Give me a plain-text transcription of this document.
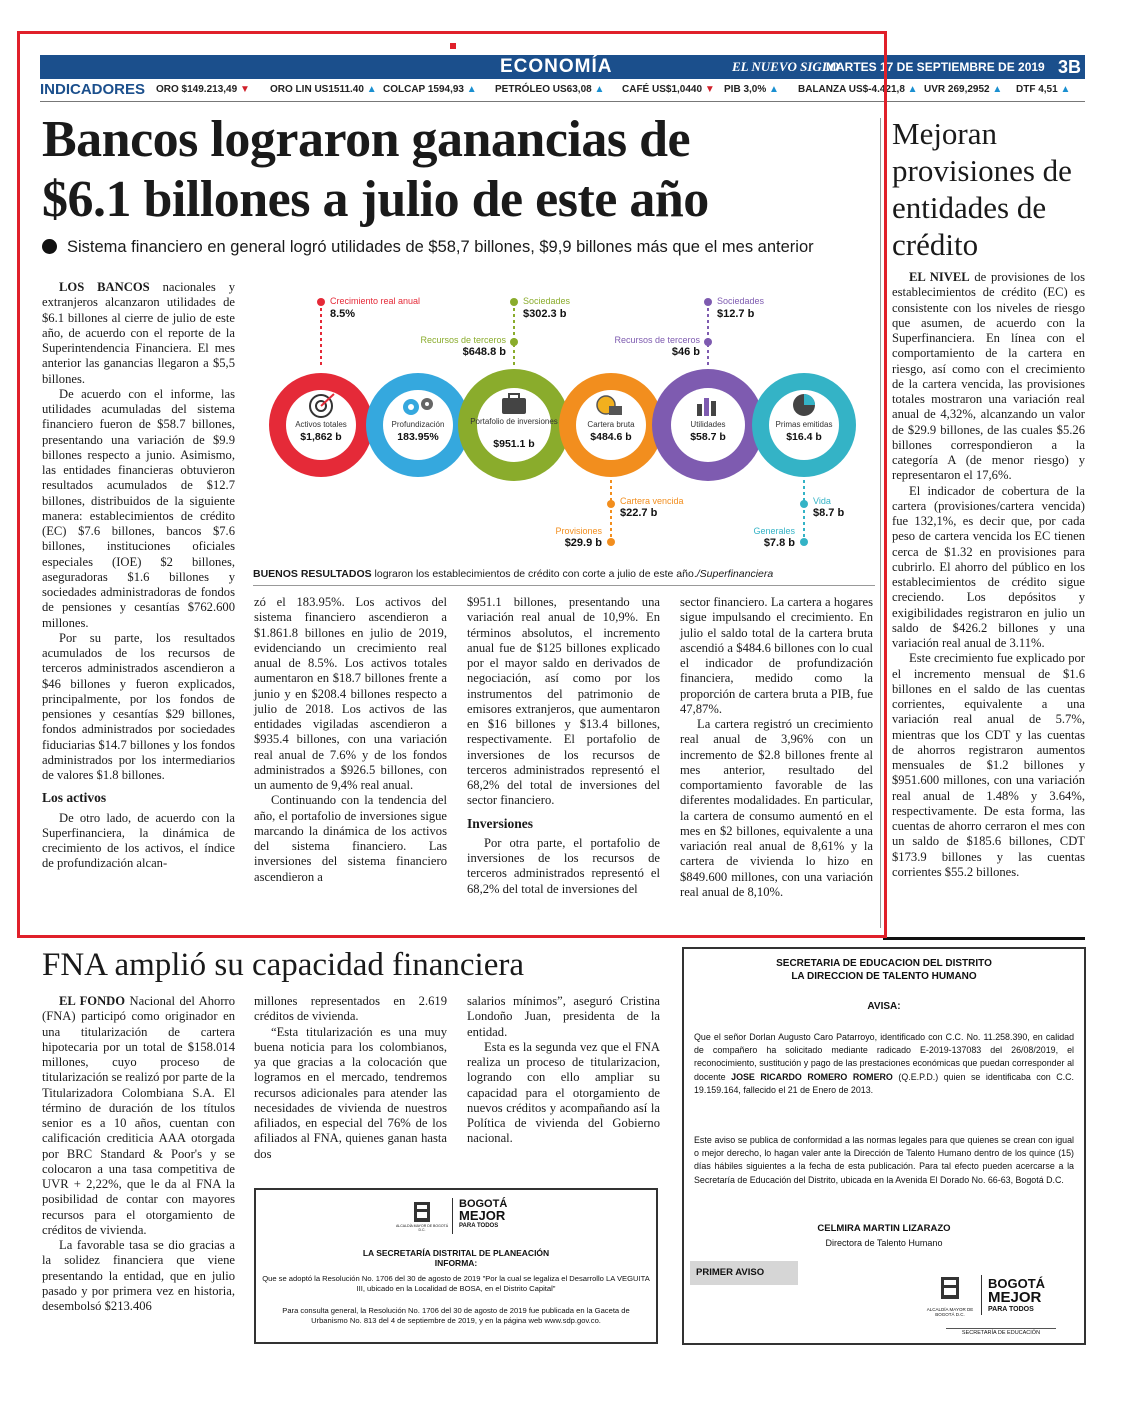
ECONOMÍA	EL NUEVO SIGLO
MARTES 17 DE SEPTIEMBRE DE 2019 3B
INDICADORES ORO $149.213,49 ▼ ORO LIN US1511.40 ▲ COLCAP 1594,93 ▲ PETRÓLEO US63,08 ▲ CAFÉ US$1,0440 ▼ PIB 3,0% ▲ BALANZA US$-4.421,8 ▲ UVR 269,2952 ▲ DTF 4,51 ▲
Bancos lograron ganancias de
$6.1 billones a julio de este año
Sistema financiero en general logró utilidades de $58,7 billones, $9,9 billones más que el mes anterior

LOS BANCOS nacionales y extranjeros alcanzaron utilidades de $6.1 billones al cierre de julio de este año, de acuerdo con el reporte de la Superintendencia Financiera. El mes anterior las ganancias llegaron a $5,5 billones.

De acuerdo con el informe, las utilidades acumuladas del sistema financiero fueron de $58.7 billones, presentando una variación de $9.9 billones respecto a junio. Asimismo, las entidades financieras obtuvieron resultados acumulados de $12.7 billones, distribuidos de la siguiente manera: establecimientos de crédito (EC) $7.6 billones, bancos $7.6 billones, instituciones oficiales especiales (IOE) $2 billones, aseguradoras $1.6 billones y sociedades administradoras de fondos de pensiones y cesantías $762.600 millones.

Por su parte, los resultados acumulados de los recursos de terceros administrados ascendieron a $46 billones y fueron explicados, principalmente, por los fondos de pensiones y cesantías $29 billones, fondos administrados por sociedades fiduciarias $14.7 billones y los fondos administrados por los intermediarios de valores $1.8 billones.

Los activos

De otro lado, de acuerdo con la Superfinanciera, la dinámica de crecimiento de los activos, el índice de profundización alcan-

Crecimiento real anual
8.5%
Sociedades
$302.3 b
Recursos de terceros
$648.8 b
Sociedades
$12.7 b
Recursos de terceros
$46 b
Activos totales
$1,862 b
Profundización
183.95%
Portafolio de inversiones
$951.1 b
Cartera bruta
$484.6 b
Utilidades
$58.7 b
Primas emitidas
$16.4 b
Cartera vencida
$22.7 b
Provisiones
$29.9 b
Vida
$8.7 b
Generales
$7.8 b
BUENOS RESULTADOS lograron los establecimientos de crédito con corte a julio de este año./Superfinanciera

zó el 183.95%. Los activos del sistema financiero ascendieron a $1.861.8 billones en julio de 2019, evidenciando un crecimiento real anual de 8.5%. Los activos totales aumentaron en $18.7 billones frente a junio y en $208.4 billones respecto a julio de 2018. Los activos de las entidades vigiladas ascendieron a $935.4 billones, con una variación real anual de 7.6% y de los fondos administrados a $926.5 billones, con un aumento de 9,4% real anual.

Continuando con la tendencia del año, el portafolio de inversiones sigue marcando la dinámica de los activos del sistema financiero. Las inversiones del sistema financiero ascendieron a

$951.1 billones, presentando una variación real anual de 10,9%. En términos absolutos, el incremento anual fue de $125 billones explicado por el mayor saldo en derivados de negociación, así como por los instrumentos del patrimonio de emisores extranjeros, que aumentaron en $16 billones y $13.4 billones, respectivamente. El portafolio de inversiones de los recursos de terceros administrados representó el 68,2% del total de inversiones del sector financiero.

Inversiones

Por otra parte, el portafolio de inversiones de los recursos de terceros administrados representó el 68,2% del total de inversiones del

sector financiero. La cartera a hogares sigue impulsando el crecimiento. En julio el saldo total de la cartera bruta ascendió a $484.6 billones con lo cual el indicador de profundización financiera, medido como la proporción de cartera bruta a PIB, fue 47,87%.

La cartera registró un crecimiento real anual de 3,96% con un incremento de $2.8 billones frente al mes anterior, resultado del comportamiento favorable de las diferentes modalidades. En particular, la cartera de consumo aumentó en el mes en $2 billones, equivalente a una variación real anual de 8,61% y la cartera de vivienda lo hizo en $849.600 millones, con una variación real anual de 8,10%.

Mejoran provisiones de entidades de crédito

EL NIVEL de provisiones de los establecimientos de crédito (EC) es consistente con los niveles de riesgo que asumen, de acuerdo con la Superfinanciera. En línea con el comportamiento de la cartera en riesgo, así como con el crecimiento de la cartera vencida, las provisiones totales mostraron una variación real anual de 4,32%, alcanzando un valor de $29.9 billones, de las cuales $5.26 billones correspondieron a la categoría A (de menor riesgo) y representaron el 17,6%.

El indicador de cobertura de la cartera (provisiones/cartera vencida) fue 132,1%, es decir que, por cada peso de cartera vencida los EC tienen cerca de $1.32 en provisiones para cubrirlo. El ahorro del público en los establecimientos de crédito sigue creciendo. Los depósitos y exigibilidades registraron en julio un saldo de $426.2 billones y una variación real anual de 3.11%.

Este crecimiento fue explicado por el incremento mensual de $1.6 billones en el saldo de las cuentas corrientes, equivalente a una variación real anual de 5.7%, mientras que los CDT y las cuentas de ahorros registraron aumentos mensuales de $1.2 billones y $951.600 millones, con una variación real anual de 1.48% y 3.64%, respectivamente. De esta forma, las cuentas de ahorro cerraron el mes con un saldo de $185.6 billones, CDT $173.9 billones y las cuentas corrientes $55.2 billones.

FNA amplió su capacidad financiera

EL FONDO Nacional del Ahorro (FNA) participó como originador en una titularización de cartera hipotecaria por un total de $158.014 millones, cuyo proceso de titularización se realizó por parte de la Titularizadora Colombiana S.A. El término de duración de los títulos senior es a 10 años, cuentan con calificación crediticia AAA otorgada por BRC Standard & Poor's y se colocaron a una tasa competitiva de UVR + 2,22%, que le da al FNA la posibilidad de contar con mayores recursos para el otorgamiento de créditos de vivienda.

La favorable tasa se dio gracias a la solidez financiera que viene presentando la entidad, que en julio pasado y por primera vez en historia, desembolsó $213.406

millones representados en 2.619 créditos de vivienda.

“Esta titularización es una muy buena noticia para los colombianos, ya que gracias a la colocación que logramos en el mercado, tendremos recursos adicionales para atender las necesidades de vivienda de nuestros afiliados, en especial del 76% de los afiliados al FNA, quienes ganan hasta dos

salarios mínimos”, aseguró Cristina Londoño Juan, presidenta de la entidad.

Esta es la segunda vez que el FNA realiza un proceso de titularizacion, logrando con ello ampliar su capacidad para el otorgamiento de nuevos créditos y acompañando así la Política de vivienda del Gobierno nacional.

ALCALDÍA MAYOR DE BOGOTÁ D.C.
BOGOTÁ
MEJOR
PARA TODOS
LA SECRETARÍA DISTRITAL DE PLANEACIÓN
INFORMA:
Que se adoptó la Resolución No. 1706 del 30 de agosto de 2019 "Por la cual se legaliza el Desarrollo LA VEGUITA III, ubicado en la Localidad de BOSA, en el Distrito Capital"
Para consulta general, la Resolución No. 1706 del 30 de agosto de 2019 fue publicada en la Gaceta de Urbanismo No. 813 del 4 de septiembre de 2019, y en la página web www.sdp.gov.co.
SECRETARIA DE EDUCACION DEL DISTRITO
LA DIRECCION DE TALENTO HUMANO
AVISA:
Que el señor Dorlan Augusto Caro Patarroyo, identificado con C.C. No. 11.258.390, en calidad de compañero ha solicitado mediante radicado E-2019-137083 del 26/08/2019, el reconocimiento, sustitución y pago de las prestaciones económicas que puedan corresponder al docente JOSE RICARDO ROMERO ROMERO (Q.E.P.D.) quien se identificaba con C.C. 19.159.164, fallecido el 21 de Enero de 2013.
Este aviso se publica de conformidad a las normas legales para que quienes se crean con igual o mejor derecho, lo hagan valer ante la Dirección de Talento Humano dentro de los quince (15) días hábiles siguientes a la fecha de esta publicación. Para tal efecto pueden acercarse a la Secretaría de Educación del Distrito, ubicada en la Avenida El Dorado No. 66-63, Bogotá D.C.
CELMIRA MARTIN LIZARAZO
Directora de Talento Humano
PRIMER AVISO
ALCALDÍA MAYOR DE BOGOTÁ D.C.
BOGOTÁ
MEJOR
PARA TODOS
SECRETARÍA DE EDUCACIÓN
